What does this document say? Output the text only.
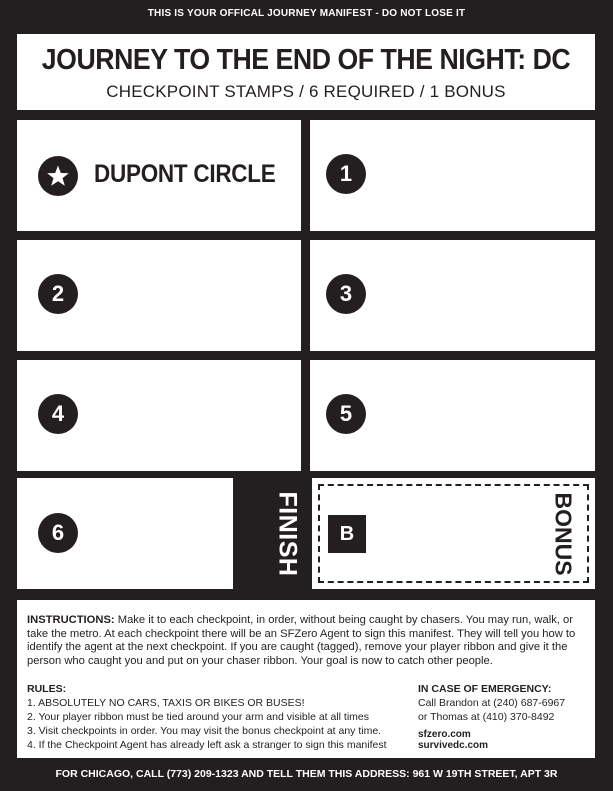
THIS IS YOUR OFFICAL JOURNEY MANIFEST - DO NOT LOSE IT
JOURNEY TO THE END OF THE NIGHT: DC
CHECKPOINT STAMPS / 6 REQUIRED / 1 BONUS
DUPONT CIRCLE	1
2	3
4	5
6	FINISH	B	BONUS
INSTRUCTIONS: Make it to each checkpoint, in order, without being caught by chasers. You may run, walk, or take the metro. At each checkpoint there will be an SFZero Agent to sign this manifest. They will tell you how to identify the agent at the next checkpoint. If you are caught (tagged), remove your player ribbon and give it the person who caught you and put on your chaser ribbon. Your goal is now to catch other people.
RULES:
1. ABSOLUTELY NO CARS, TAXIS OR BIKES OR BUSES!
2. Your player ribbon must be tied around your arm and visible at all times
3. Visit checkpoints in order. You may visit the bonus checkpoint at any time.
4. If the Checkpoint Agent has already left ask a stranger to sign this manifest
IN CASE OF EMERGENCY:
Call Brandon at (240) 687-6967
or Thomas at (410) 370-8492
sfzero.com
survivedc.com
FOR CHICAGO, CALL (773) 209-1323 AND TELL THEM THIS ADDRESS: 961 W 19TH STREET, APT 3R
